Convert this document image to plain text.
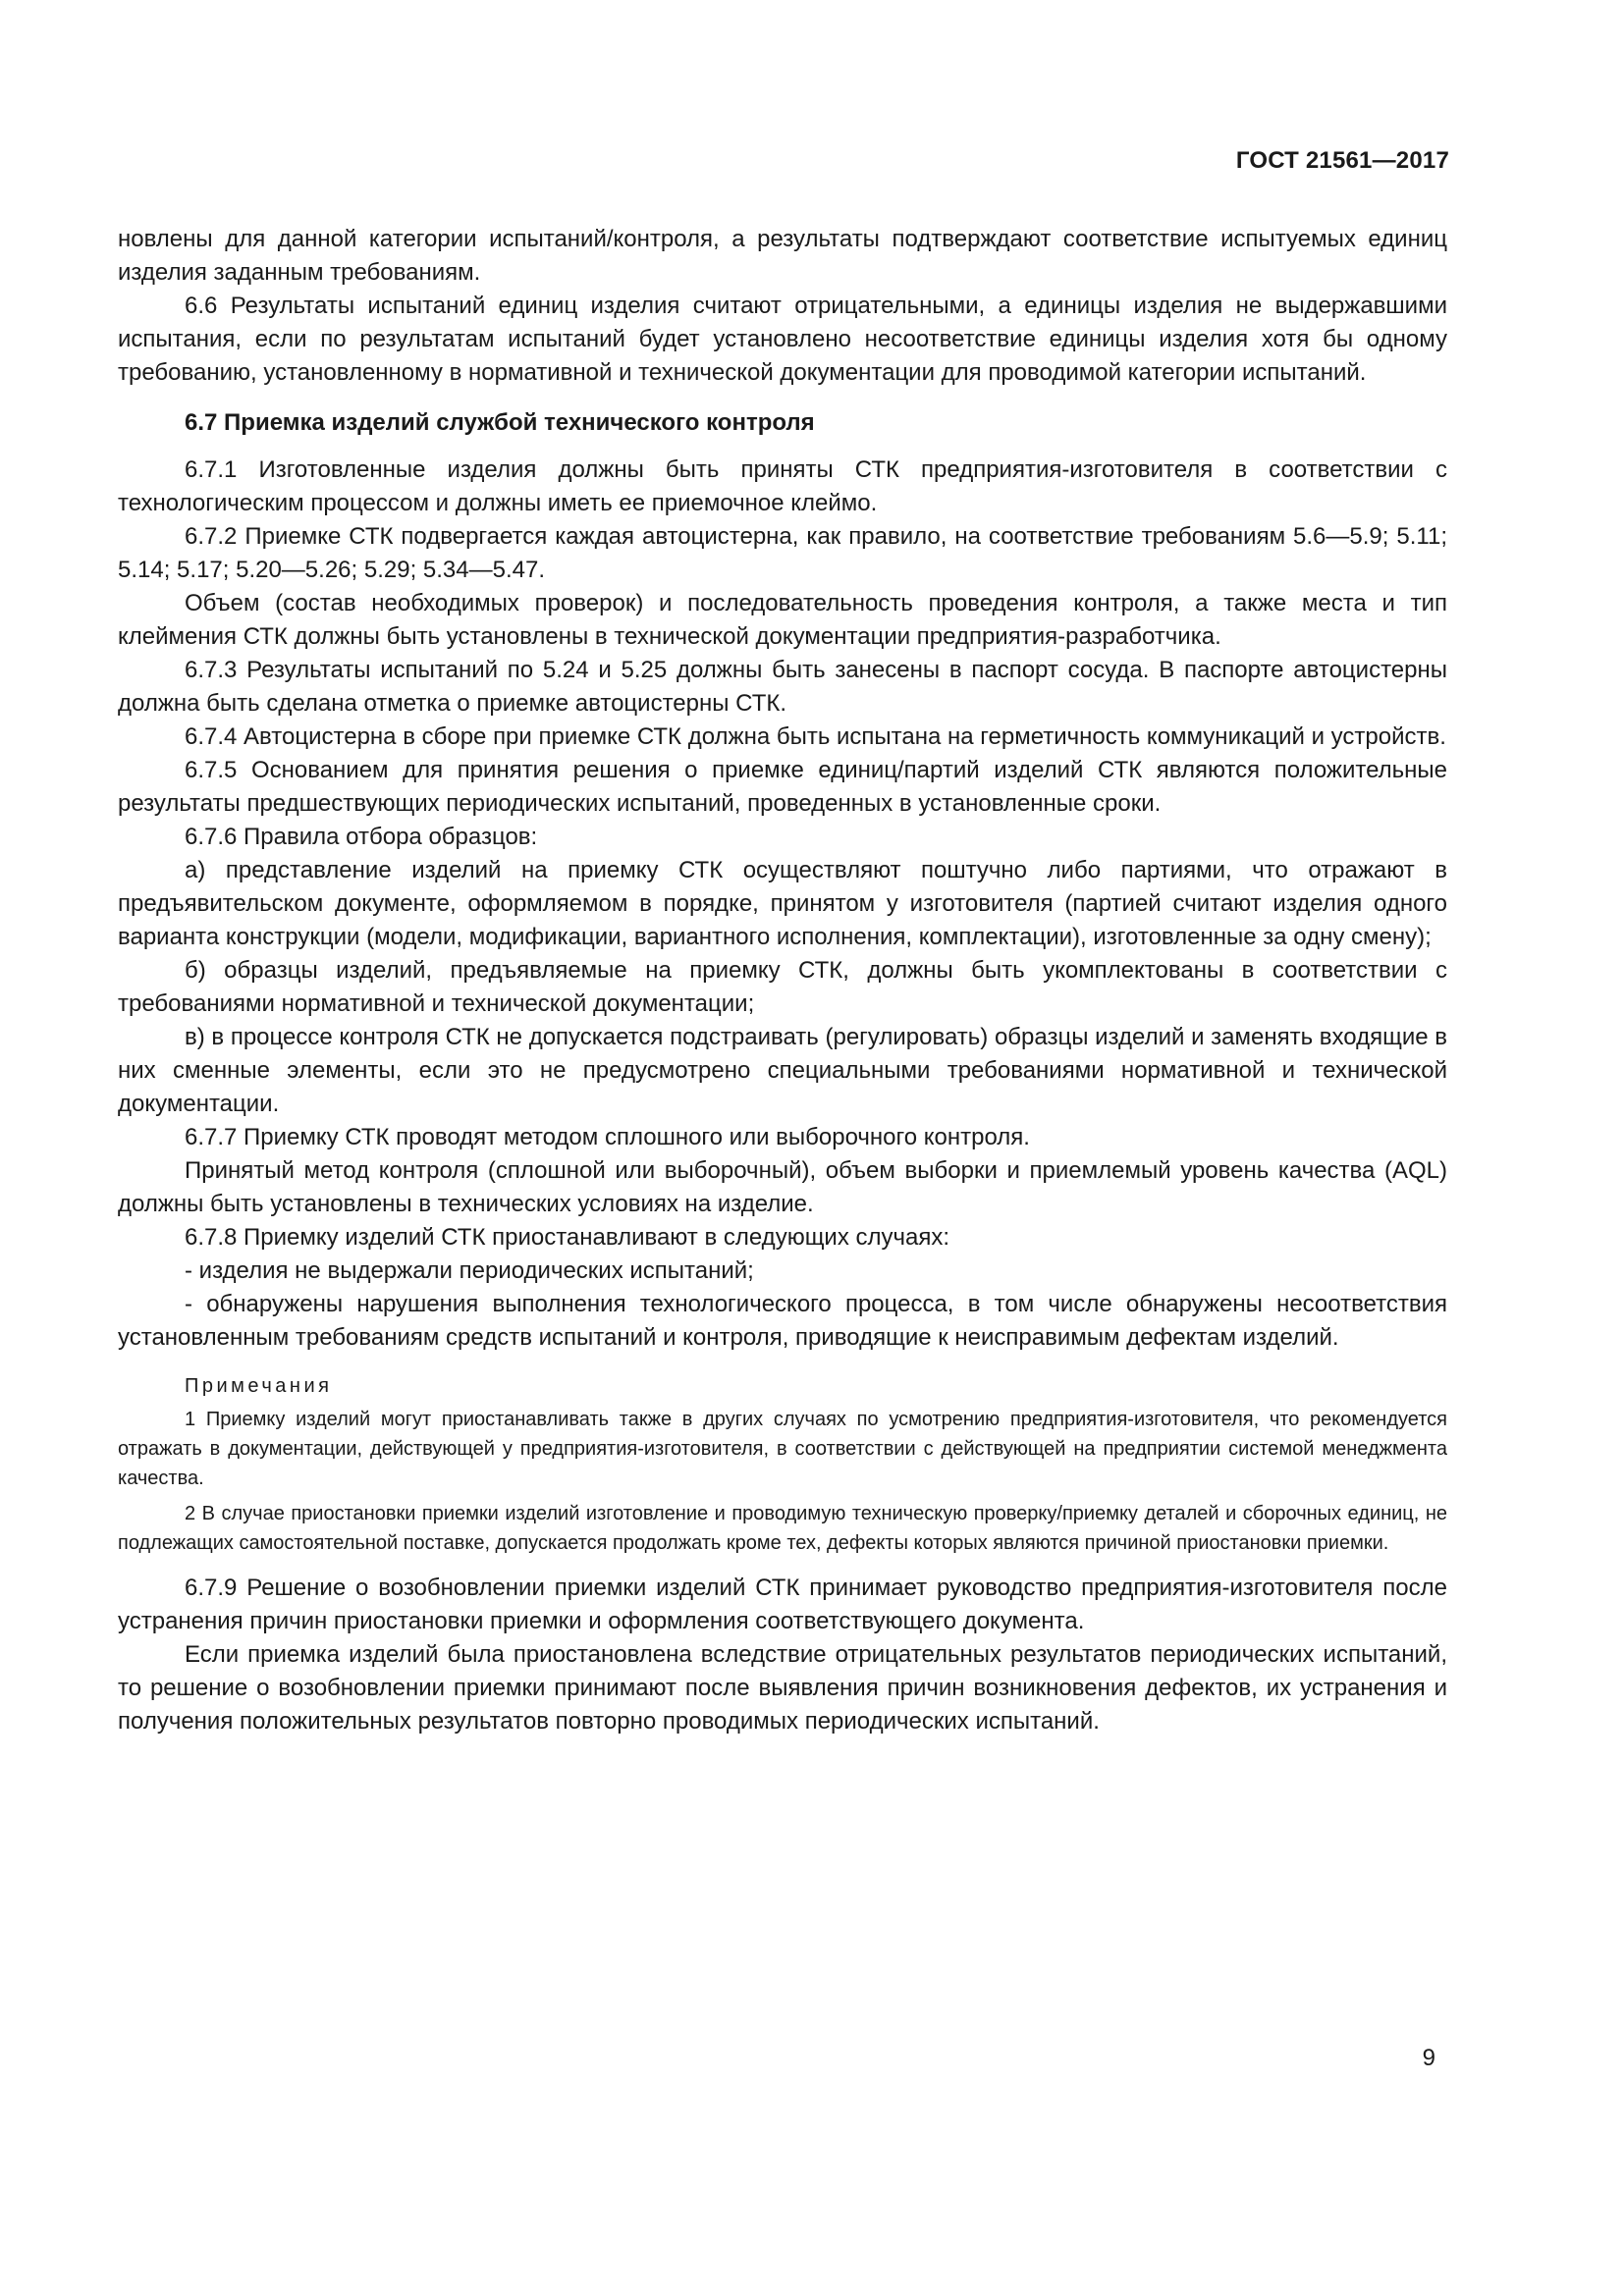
ГОСТ 21561—2017

новлены для данной категории испытаний/контроля, а результаты подтверждают соответствие испытуемых единиц изделия заданным требованиям.

6.6 Результаты испытаний единиц изделия считают отрицательными, а единицы изделия не выдержавшими испытания, если по результатам испытаний будет установлено несоответствие единицы изделия хотя бы одному требованию, установленному в нормативной и технической документации для проводимой категории испытаний.

6.7 Приемка изделий службой технического контроля

6.7.1 Изготовленные изделия должны быть приняты СТК предприятия-изготовителя в соответствии с технологическим процессом и должны иметь ее приемочное клеймо.

6.7.2 Приемке СТК подвергается каждая автоцистерна, как правило, на соответствие требованиям 5.6—5.9; 5.11; 5.14; 5.17; 5.20—5.26; 5.29; 5.34—5.47.

Объем (состав необходимых проверок) и последовательность проведения контроля, а также места и тип клеймения СТК должны быть установлены в технической документации предприятия-разработчика.

6.7.3 Результаты испытаний по 5.24 и 5.25 должны быть занесены в паспорт сосуда. В паспорте автоцистерны должна быть сделана отметка о приемке автоцистерны СТК.

6.7.4 Автоцистерна в сборе при приемке СТК должна быть испытана на герметичность коммуникаций и устройств.

6.7.5 Основанием для принятия решения о приемке единиц/партий изделий СТК являются положительные результаты предшествующих периодических испытаний, проведенных в установленные сроки.

6.7.6 Правила отбора образцов:

а) представление изделий на приемку СТК осуществляют поштучно либо партиями, что отражают в предъявительском документе, оформляемом в порядке, принятом у изготовителя (партией считают изделия одного варианта конструкции (модели, модификации, вариантного исполнения, комплектации), изготовленные за одну смену);

б) образцы изделий, предъявляемые на приемку СТК, должны быть укомплектованы в соответствии с требованиями нормативной и технической документации;

в) в процессе контроля СТК не допускается подстраивать (регулировать) образцы изделий и заменять входящие в них сменные элементы, если это не предусмотрено специальными требованиями нормативной и технической документации.

6.7.7 Приемку СТК проводят методом сплошного или выборочного контроля.

Принятый метод контроля (сплошной или выборочный), объем выборки и приемлемый уровень качества (AQL) должны быть установлены в технических условиях на изделие.

6.7.8 Приемку изделий СТК приостанавливают в следующих случаях:

- изделия не выдержали периодических испытаний;

- обнаружены нарушения выполнения технологического процесса, в том числе обнаружены несоответствия установленным требованиям средств испытаний и контроля, приводящие к неисправимым дефектам изделий.

Примечания

1 Приемку изделий могут приостанавливать также в других случаях по усмотрению предприятия-изготовителя, что рекомендуется отражать в документации, действующей у предприятия-изготовителя, в соответствии с действующей на предприятии системой менеджмента качества.

2 В случае приостановки приемки изделий изготовление и проводимую техническую проверку/приемку деталей и сборочных единиц, не подлежащих самостоятельной поставке, допускается продолжать кроме тех, дефекты которых являются причиной приостановки приемки.

6.7.9 Решение о возобновлении приемки изделий СТК принимает руководство предприятия-изготовителя после устранения причин приостановки приемки и оформления соответствующего документа.

Если приемка изделий была приостановлена вследствие отрицательных результатов периодических испытаний, то решение о возобновлении приемки принимают после выявления причин возникновения дефектов, их устранения и получения положительных результатов повторно проводимых периодических испытаний.

9
